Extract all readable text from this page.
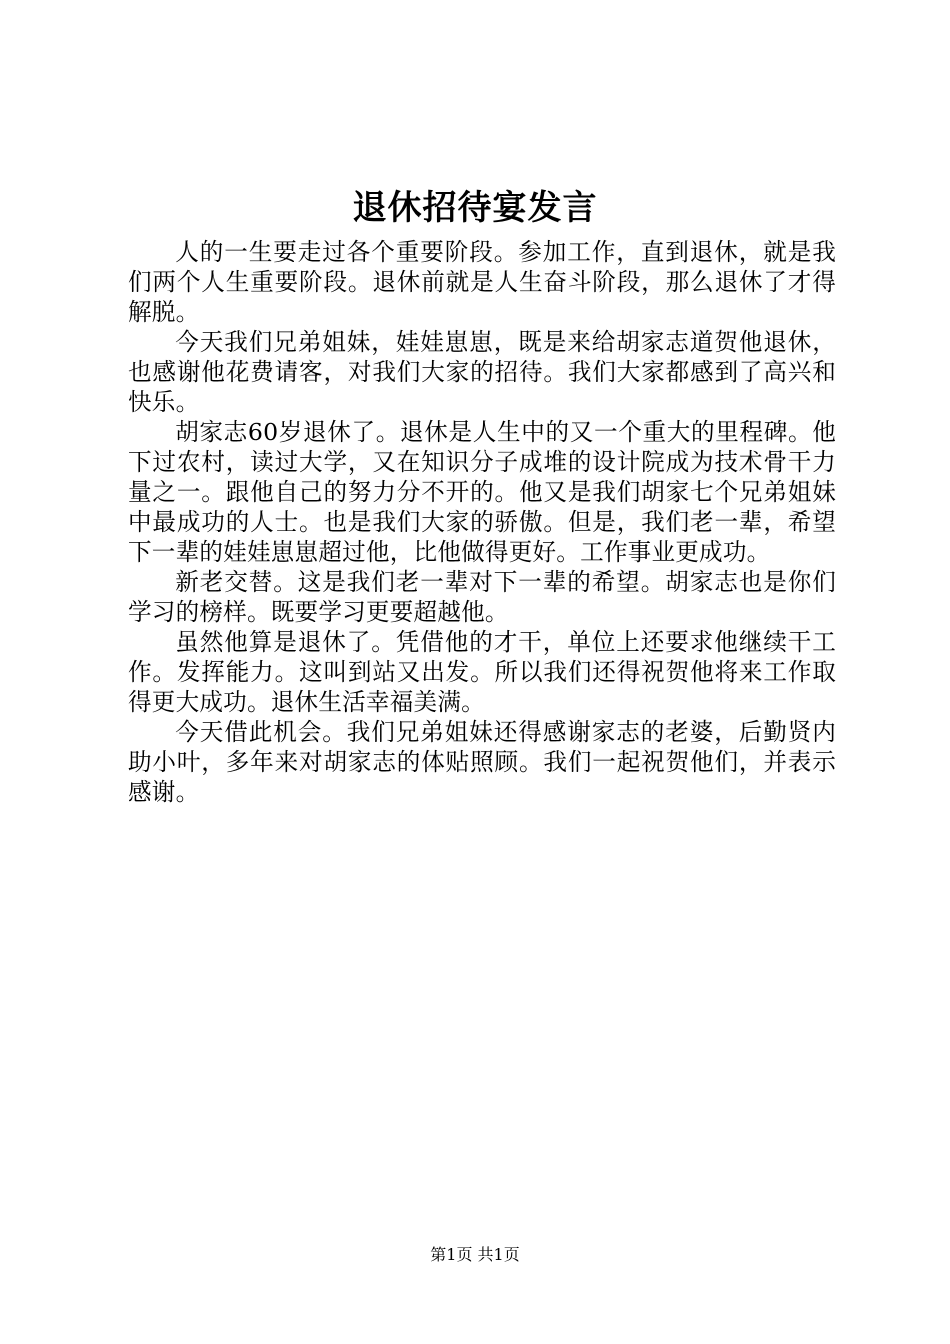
退休招待宴发言

人的一生要走过各个重要阶段。参加工作，直到退休，就是我们两个人生重要阶段。退休前就是人生奋斗阶段，那么退休了才得解脱。

今天我们兄弟姐妹，娃娃崽崽，既是来给胡家志道贺他退休，也感谢他花费请客，对我们大家的招待。我们大家都感到了高兴和快乐。

胡家志60岁退休了。退休是人生中的又一个重大的里程碑。他下过农村，读过大学，又在知识分子成堆的设计院成为技术骨干力量之一。跟他自己的努力分不开的。他又是我们胡家七个兄弟姐妹中最成功的人士。也是我们大家的骄傲。但是，我们老一辈，希望下一辈的娃娃崽崽超过他，比他做得更好。工作事业更成功。

新老交替。这是我们老一辈对下一辈的希望。胡家志也是你们学习的榜样。既要学习更要超越他。

虽然他算是退休了。凭借他的才干，单位上还要求他继续干工作。发挥能力。这叫到站又出发。所以我们还得祝贺他将来工作取得更大成功。退休生活幸福美满。

今天借此机会。我们兄弟姐妹还得感谢家志的老婆，后勤贤内助小叶，多年来对胡家志的体贴照顾。我们一起祝贺他们，并表示感谢。

第1页 共1页
